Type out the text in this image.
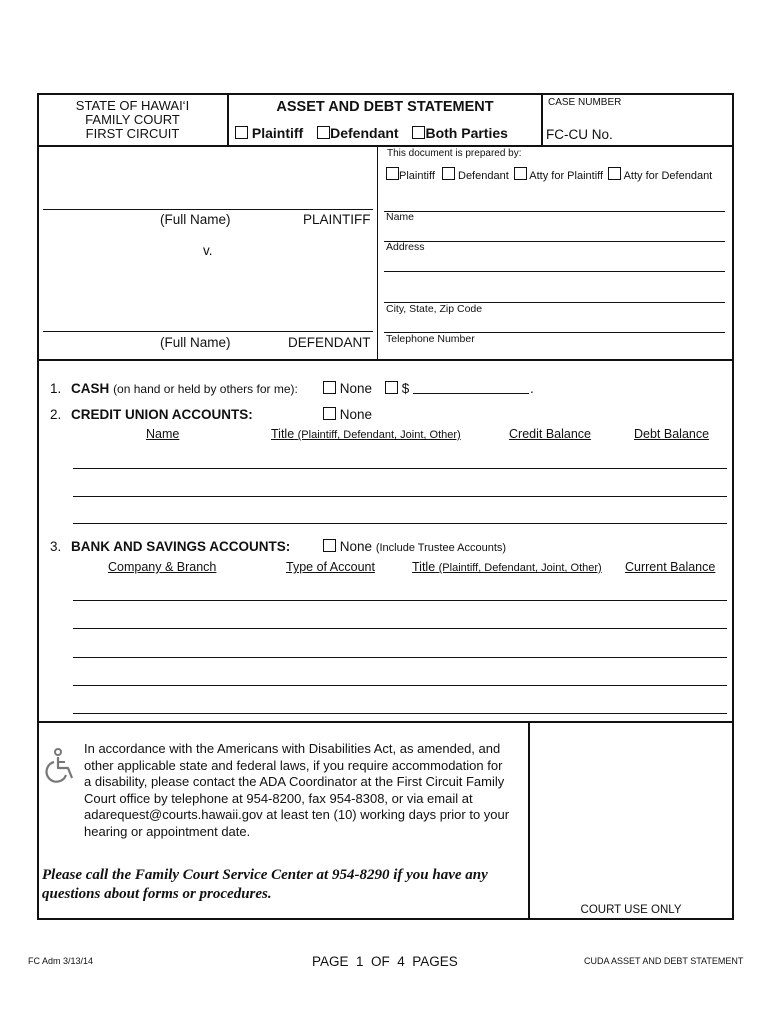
STATE OF HAWAI‘I
FAMILY COURT
FIRST CIRCUIT
ASSET AND DEBT STATEMENT
Plaintiff Defendant Both Parties
CASE NUMBER
FC-CU No.
(Full Name)	PLAINTIFF
v.
(Full Name)	DEFENDANT
This document is prepared by:
Plaintiff Defendant Atty for Plaintiff Atty for Defendant
Name
Address
City, State, Zip Code
Telephone Number
1. CASH (on hand or held by others for me):	None	$	.
2. CREDIT UNION ACCOUNTS:	None
Name	Title (Plaintiff, Defendant, Joint, Other)	Credit Balance	Debt Balance
3. BANK AND SAVINGS ACCOUNTS:	None (Include Trustee Accounts)
Company & Branch	Type of Account	Title (Plaintiff, Defendant, Joint, Other) Current Balance
In accordance with the Americans with Disabilities Act, as amended, and
other applicable state and federal laws, if you require accommodation for
a disability, please contact the ADA Coordinator at the First Circuit Family
Court office by telephone at 954-8200, fax 954-8308, or via email at
adarequest@courts.hawaii.gov at least ten (10) working days prior to your
hearing or appointment date.
Please call the Family Court Service Center at 954-8290 if you have any
questions about forms or procedures.
COURT USE ONLY
FC Adm 3/13/14	PAGE  1  OF  4  PAGES	CUDA ASSET AND DEBT STATEMENT
